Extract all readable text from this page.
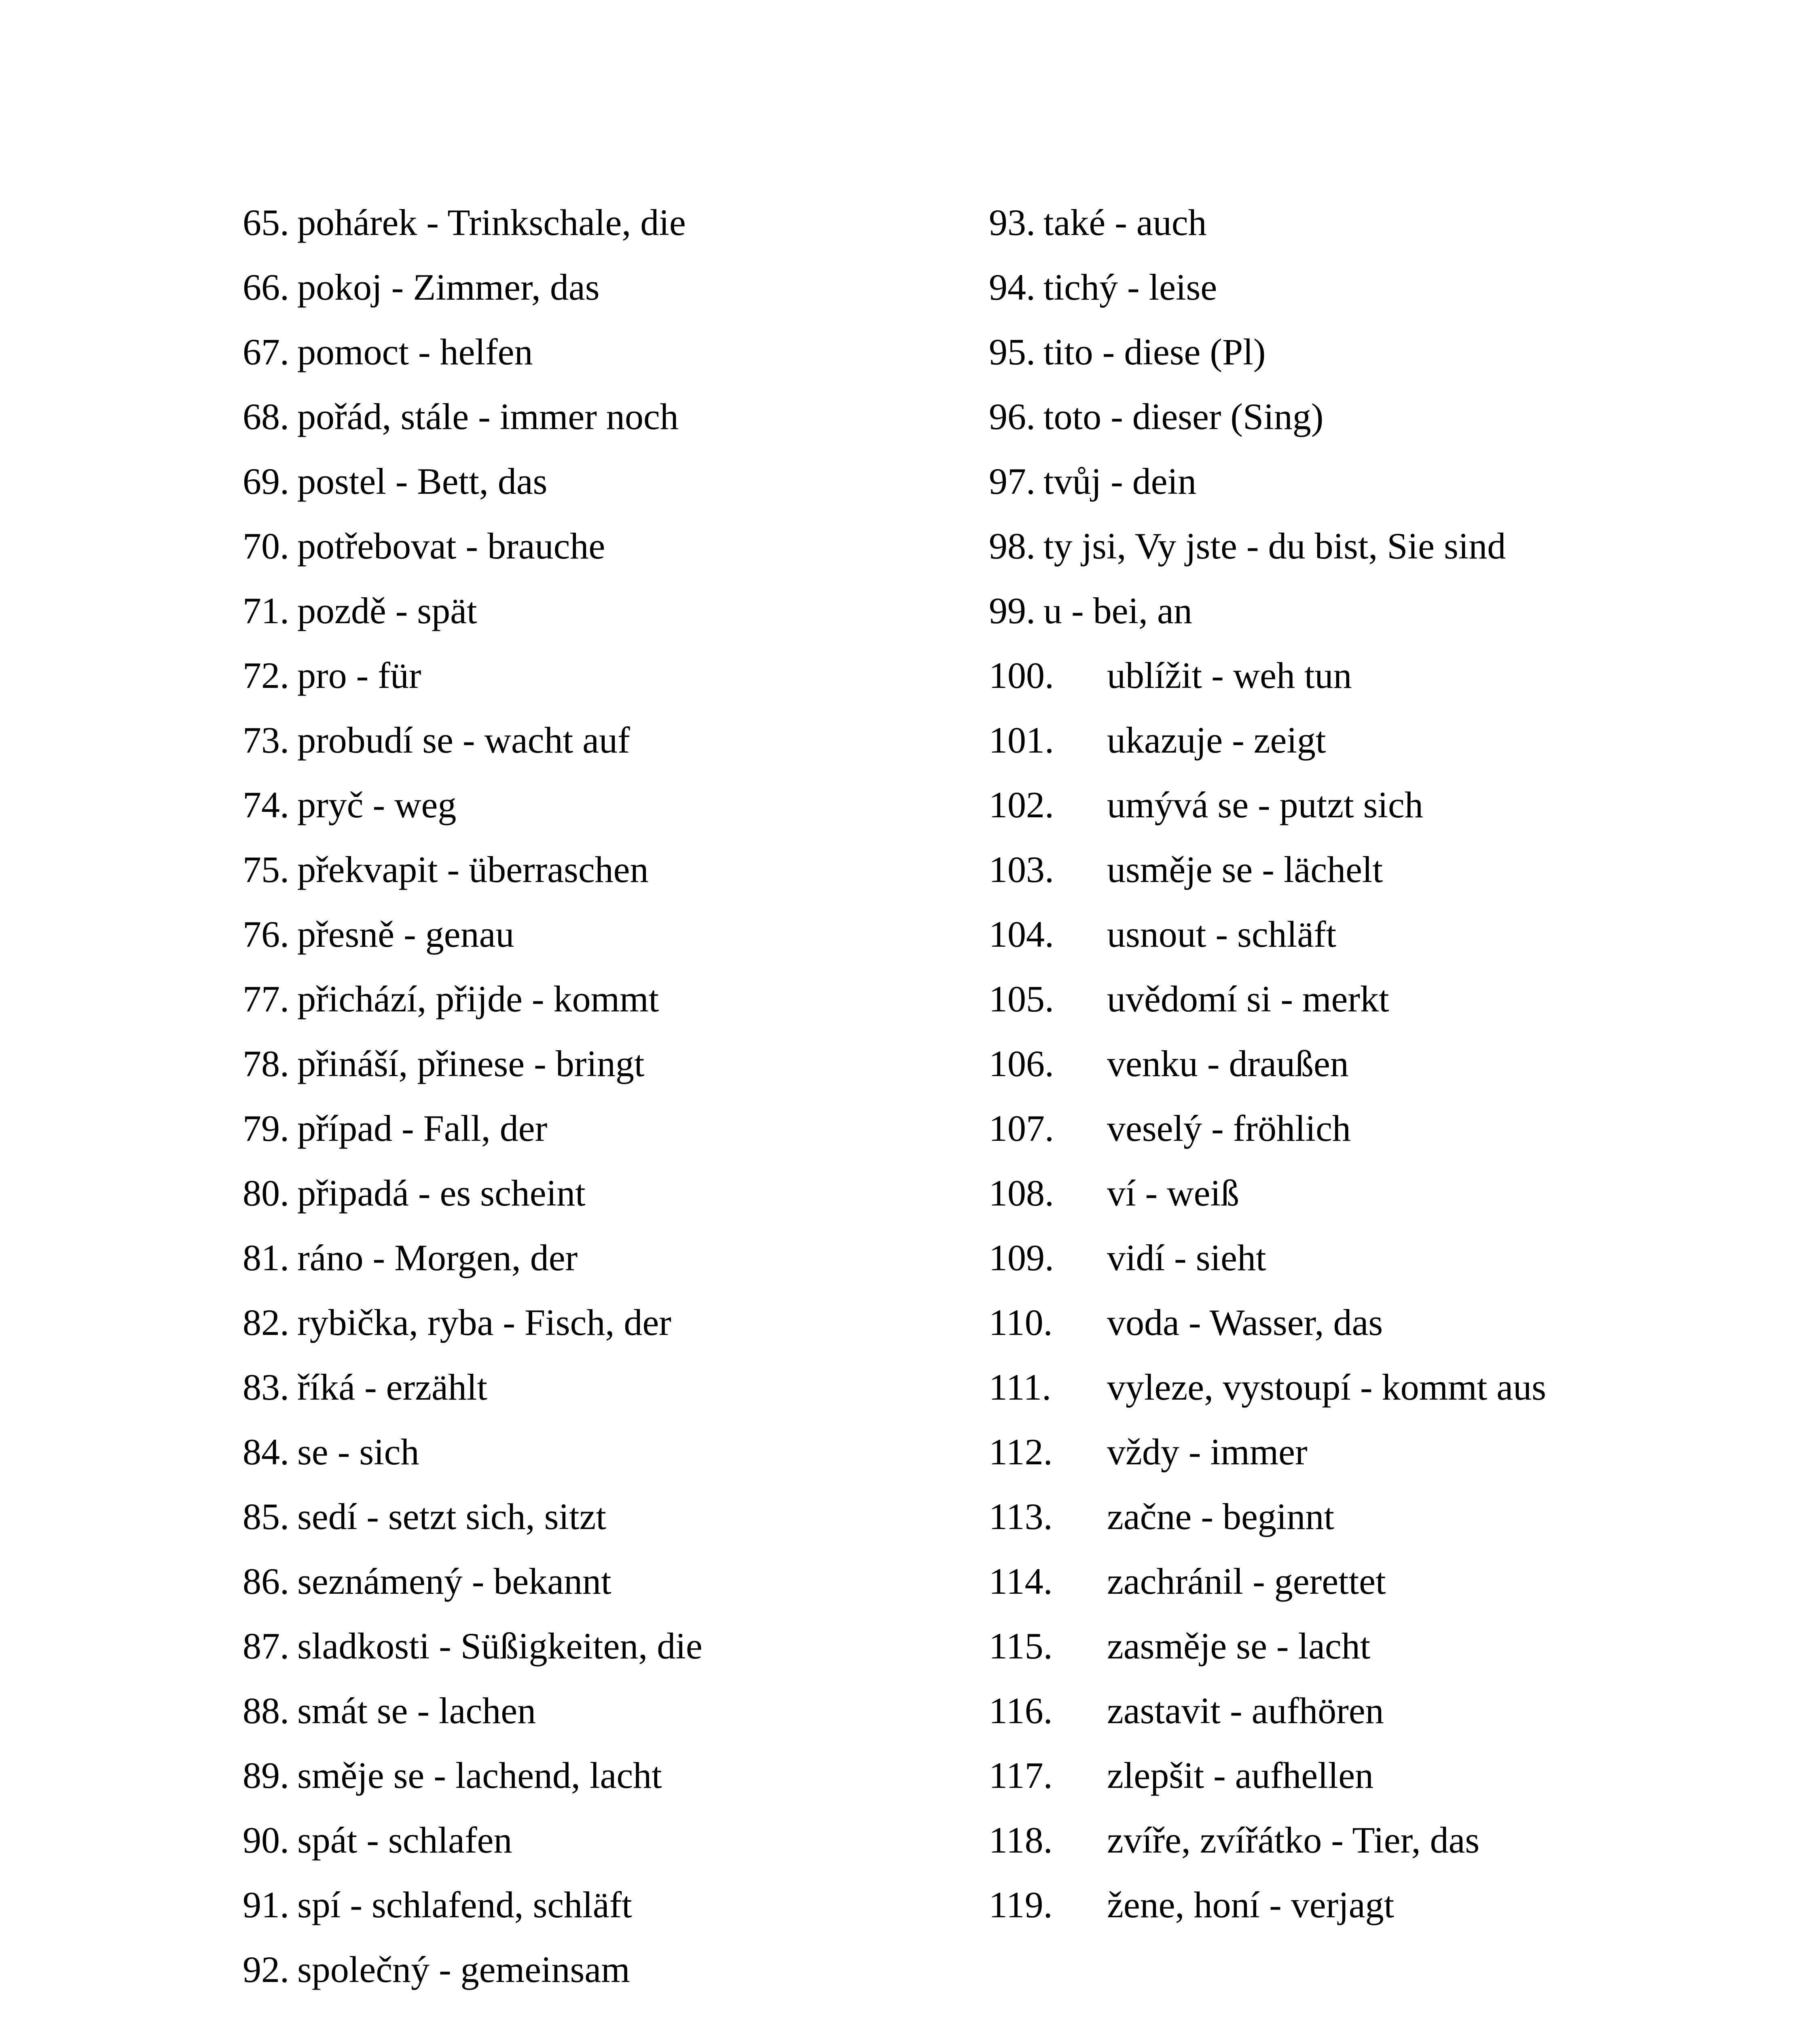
65. pohárek - Trinkschale, die
66. pokoj - Zimmer, das
67. pomoct - helfen
68. pořád, stále - immer noch
69. postel - Bett, das
70. potřebovat - brauche
71. pozdě - spät
72. pro - für
73. probudí se - wacht auf
74. pryč - weg
75. překvapit - überraschen
76. přesně - genau
77. přichází, přijde - kommt
78. přináší, přinese - bringt
79. případ - Fall, der
80. připadá - es scheint
81. ráno - Morgen, der
82. rybička, ryba - Fisch, der
83. říká - erzählt
84. se - sich
85. sedí - setzt sich, sitzt
86. seznámený - bekannt
87. sladkosti - Süßigkeiten, die
88. smát se - lachen
89. směje se - lachend, lacht
90. spát - schlafen
91. spí - schlafend, schläft
92. společný - gemeinsam
93. také - auch
94. tichý - leise
95. tito - diese (Pl)
96. toto - dieser (Sing)
97. tvůj - dein
98. ty jsi, Vy jste - du bist, Sie sind
99. u - bei, an
100.	ublížit - weh tun
101.	ukazuje - zeigt
102.	umývá se - putzt sich
103.	usměje se - lächelt
104.	usnout - schläft
105.	uvědomí si - merkt
106.	venku - draußen
107.	veselý - fröhlich
108.	ví - weiß
109.	vidí - sieht
110.	voda - Wasser, das
111.	vyleze, vystoupí - kommt aus
112.	vždy - immer
113.	začne - beginnt
114.	zachránil - gerettet
115.	zasměje se - lacht
116.	zastavit - aufhören
117.	zlepšit - aufhellen
118.	zvíře, zvířátko - Tier, das
119.	žene, honí - verjagt
